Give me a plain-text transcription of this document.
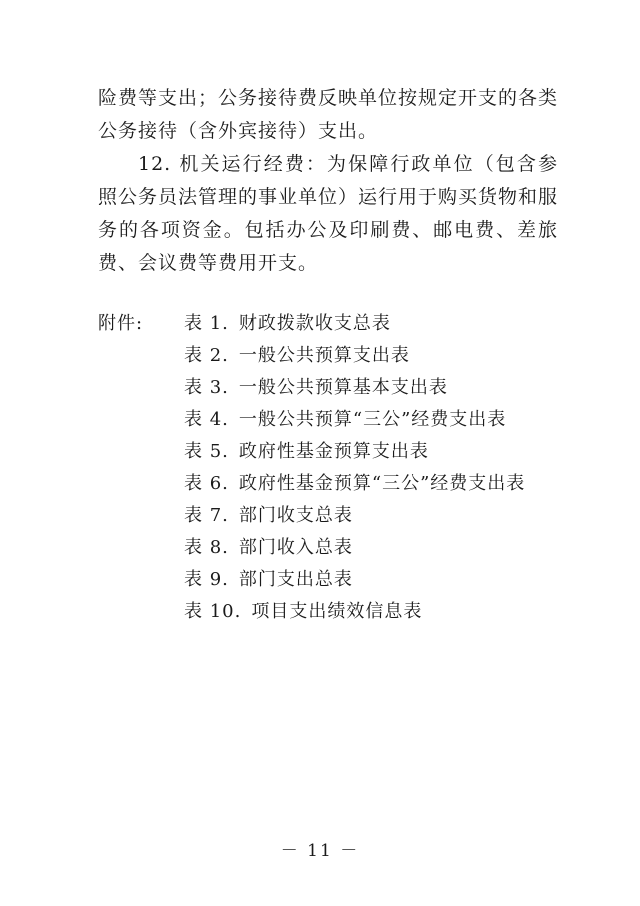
险费等支出；公务接待费反映单位按规定开支的各类公务接待（含外宾接待）支出。

12. 机关运行经费：为保障行政单位（包含参照公务员法管理的事业单位）运行用于购买货物和服务的各项资金。包括办公及印刷费、邮电费、差旅费、会议费等费用开支。

附件: 表 1. 财政拨款收支总表
表 2. 一般公共预算支出表
表 3. 一般公共预算基本支出表
表 4. 一般公共预算“三公”经费支出表
表 5. 政府性基金预算支出表
表 6. 政府性基金预算“三公”经费支出表
表 7. 部门收支总表
表 8. 部门收入总表
表 9. 部门支出总表
表 10. 项目支出绩效信息表
－ 11 －
